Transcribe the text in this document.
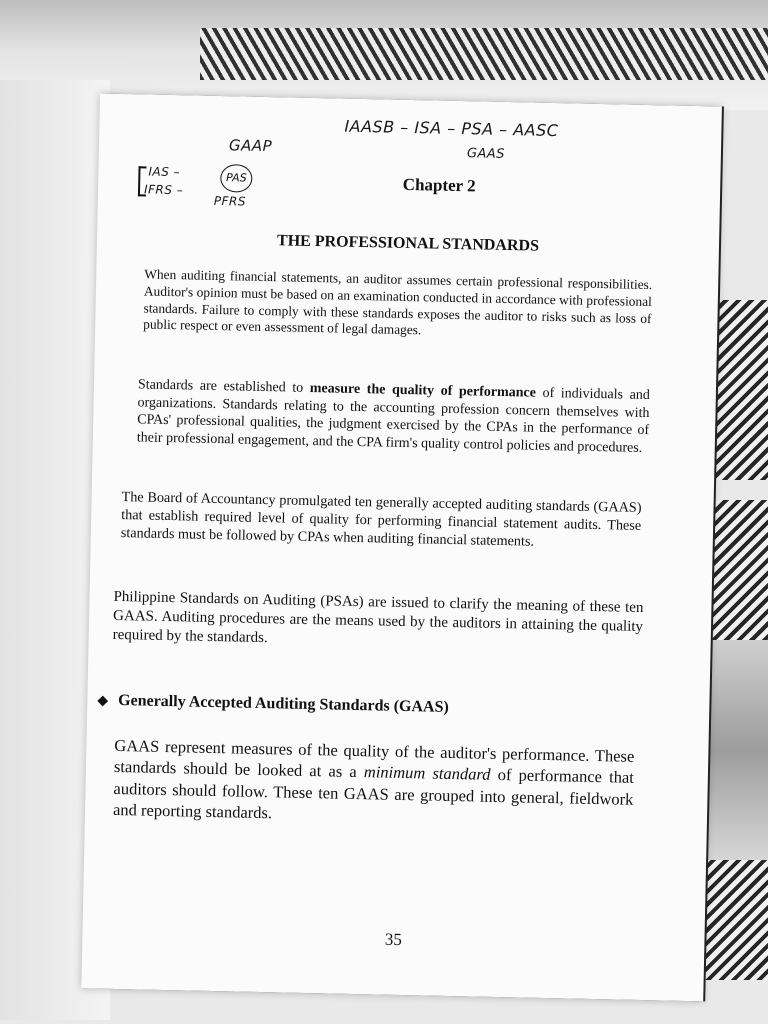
IAASB – ISA – PSA – AASC
GAAS
GAAP
PAS
IAS –
IFRS –
PFRS
Chapter 2
THE PROFESSIONAL STANDARDS
When auditing financial statements, an auditor assumes certain professional responsibilities. Auditor's opinion must be based on an examination conducted in accordance with professional standards. Failure to comply with these standards exposes the auditor to risks such as loss of public respect or even assessment of legal damages.
Standards are established to measure the quality of performance of individuals and organizations. Standards relating to the accounting profession concern themselves with CPAs' professional qualities, the judgment exercised by the CPAs in the performance of their professional engagement, and the CPA firm's quality control policies and procedures.
The Board of Accountancy promulgated ten generally accepted auditing standards (GAAS) that establish required level of quality for performing financial statement audits. These standards must be followed by CPAs when auditing financial statements.
Philippine Standards on Auditing (PSAs) are issued to clarify the meaning of these ten GAAS. Auditing procedures are the means used by the auditors in attaining the quality required by the standards.
◆ Generally Accepted Auditing Standards (GAAS)
GAAS represent measures of the quality of the auditor's performance. These standards should be looked at as a minimum standard of performance that auditors should follow. These ten GAAS are grouped into general, fieldwork and reporting standards.
35
